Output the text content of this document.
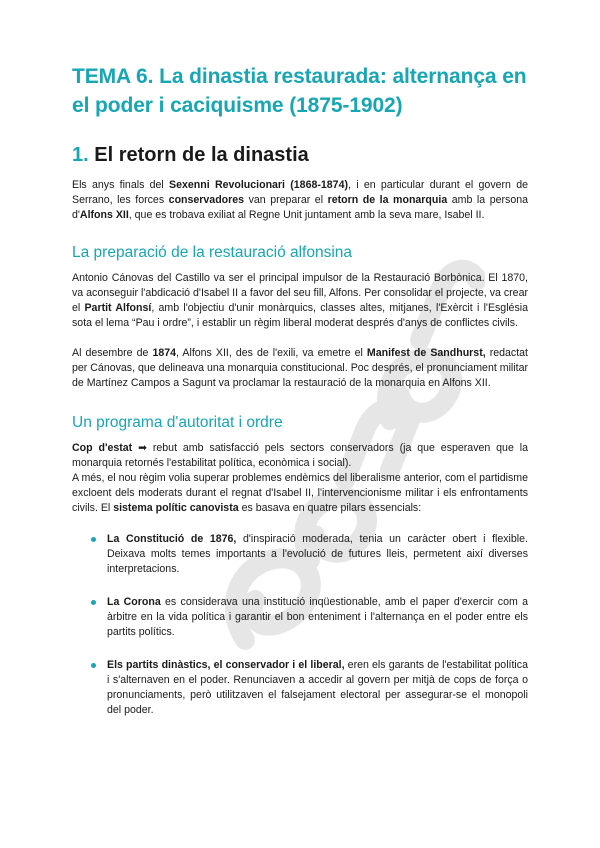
TEMA 6. La dinastia restaurada: alternança en el poder i caciquisme (1875-1902)
1. El retorn de la dinastia

Els anys finals del Sexenni Revolucionari (1868-1874), i en particular durant el govern de Serrano, les forces conservadores van preparar el retorn de la monarquia amb la persona d'Alfons XII, que es trobava exiliat al Regne Unit juntament amb la seva mare, Isabel II.

La preparació de la restauració alfonsina

Antonio Cánovas del Castillo va ser el principal impulsor de la Restauració Borbònica. El 1870, va aconseguir l'abdicació d'Isabel II a favor del seu fill, Alfons. Per consolidar el projecte, va crear el Partit Alfonsí, amb l'objectiu d'unir monàrquics, classes altes, mitjanes, l'Exèrcit i l'Església sota el lema “Pau i ordre”, i establir un règim liberal moderat després d'anys de conflictes civils.

Al desembre de 1874, Alfons XII, des de l'exili, va emetre el Manifest de Sandhurst, redactat per Cánovas, que delineava una monarquia constitucional. Poc després, el pronunciament militar de Martínez Campos a Sagunt va proclamar la restauració de la monarquia en Alfons XII.

Un programa d'autoritat i ordre

Cop d'estat ➡ rebut amb satisfacció pels sectors conservadors (ja que esperaven que la monarquia retornés l'estabilitat política, econòmica i social).
A més, el nou règim volia superar problemes endèmics del liberalisme anterior, com el partidisme excloent dels moderats durant el regnat d'Isabel II, l'intervencionisme militar i els enfrontaments civils. El sistema polític canovista es basava en quatre pilars essencials:

La Constitució de 1876, d'inspiració moderada, tenia un caràcter obert i flexible. Deixava molts temes importants a l'evolució de futures lleis, permetent així diverses interpretacions.
La Corona es considerava una institució inqüestionable, amb el paper d'exercir com a àrbitre en la vida política i garantir el bon enteniment i l'alternança en el poder entre els partits polítics.
Els partits dinàstics, el conservador i el liberal, eren els garants de l'estabilitat política i s'alternaven en el poder. Renunciaven a accedir al govern per mitjà de cops de força o pronunciaments, però utilitzaven el falsejament electoral per assegurar-se el monopoli del poder.
